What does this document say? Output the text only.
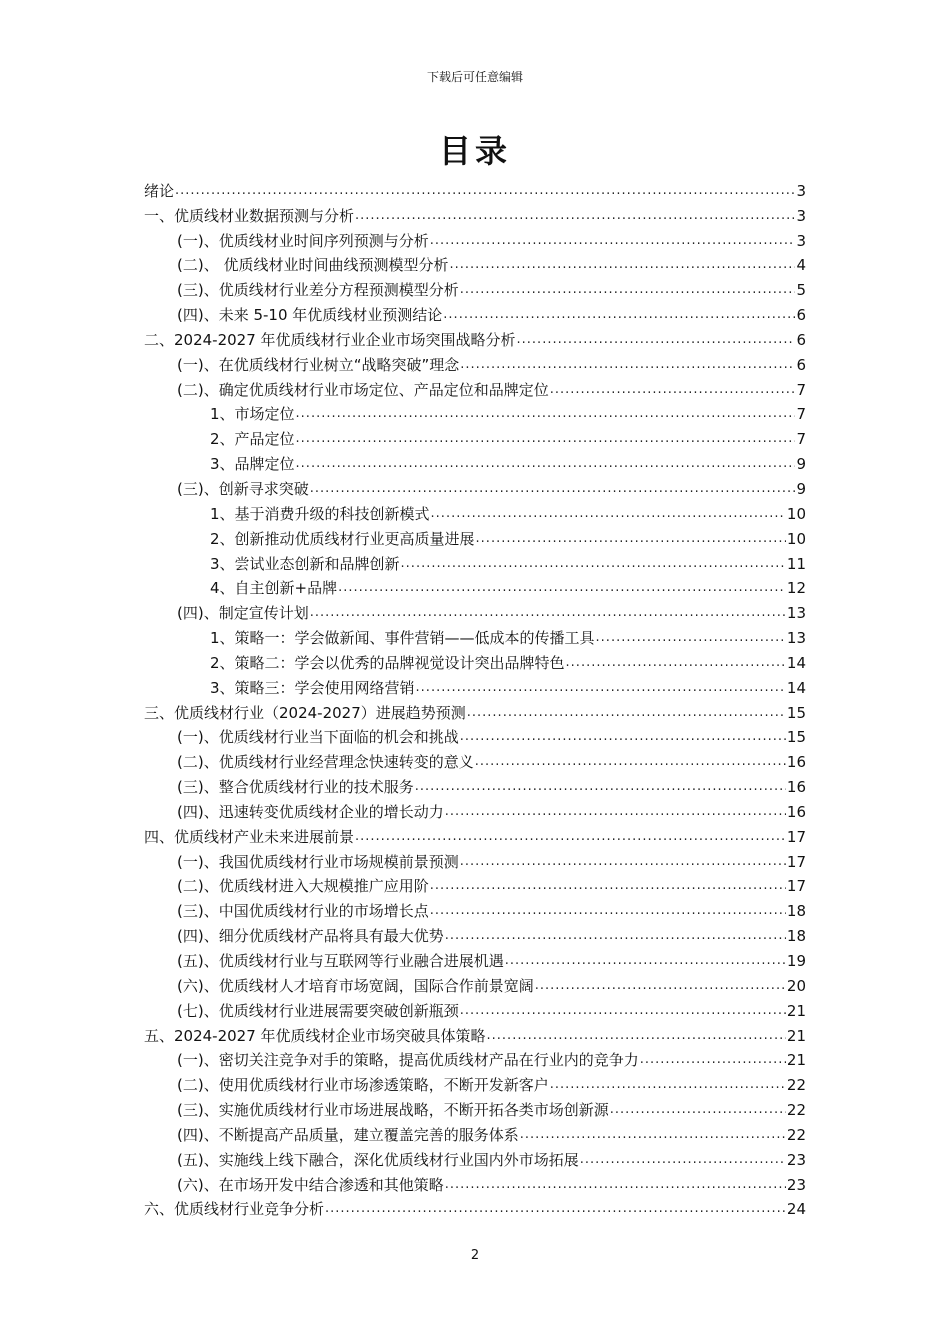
下载后可任意编辑
目录
绪论 .....	3
一、优质线材业数据预测与分析 .....	3
(一)、优质线材业时间序列预测与分析 .....	3
(二)、 优质线材业时间曲线预测模型分析 .....	4
(三)、优质线材行业差分方程预测模型分析 .....	5
(四)、未来 5-10 年优质线材业预测结论 .....	6
二、2024-2027 年优质线材行业企业市场突围战略分析 .....	6
(一)、在优质线材行业树立“战略突破”理念 .....	6
(二)、确定优质线材行业市场定位、产品定位和品牌定位 .....	7
1、市场定位 .....	7
2、产品定位 .....	7
3、品牌定位 .....	9
(三)、创新寻求突破 .....	9
1、基于消费升级的科技创新模式 .....	10
2、创新推动优质线材行业更高质量进展 .....	10
3、尝试业态创新和品牌创新 .....	11
4、自主创新+品牌 .....	12
(四)、制定宣传计划 .....	13
1、策略一：学会做新闻、事件营销——低成本的传播工具 .....	13
2、策略二：学会以优秀的品牌视觉设计突出品牌特色 .....	14
3、策略三：学会使用网络营销 .....	14
三、优质线材行业（2024-2027）进展趋势预测 .....	15
(一)、优质线材行业当下面临的机会和挑战 .....	15
(二)、优质线材行业经营理念快速转变的意义 .....	16
(三)、整合优质线材行业的技术服务 .....	16
(四)、迅速转变优质线材企业的增长动力 .....	16
四、优质线材产业未来进展前景 .....	17
(一)、我国优质线材行业市场规模前景预测 .....	17
(二)、优质线材进入大规模推广应用阶 .....	17
(三)、中国优质线材行业的市场增长点 .....	18
(四)、细分优质线材产品将具有最大优势 .....	18
(五)、优质线材行业与互联网等行业融合进展机遇 .....	19
(六)、优质线材人才培育市场宽阔，国际合作前景宽阔 .....	20
(七)、优质线材行业进展需要突破创新瓶颈 .....	21
五、2024-2027 年优质线材企业市场突破具体策略 .....	21
(一)、密切关注竞争对手的策略，提高优质线材产品在行业内的竞争力 .....	21
(二)、使用优质线材行业市场渗透策略，不断开发新客户 .....	22
(三)、实施优质线材行业市场进展战略，不断开拓各类市场创新源 .....	22
(四)、不断提高产品质量，建立覆盖完善的服务体系 .....	22
(五)、实施线上线下融合，深化优质线材行业国内外市场拓展 .....	23
(六)、在市场开发中结合渗透和其他策略 .....	23
六、优质线材行业竞争分析 .....	24
2
